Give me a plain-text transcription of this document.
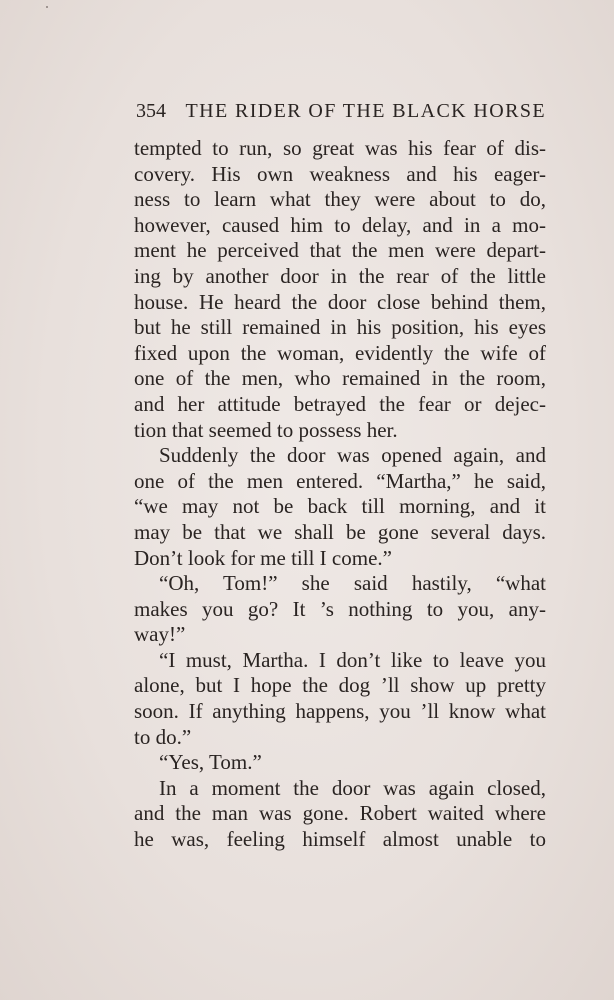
354 THE RIDER OF THE BLACK HORSE
tempted to run, so great was his fear of dis-
covery. His own weakness and his eager-
ness to learn what they were about to do,
however, caused him to delay, and in a mo-
ment he perceived that the men were depart-
ing by another door in the rear of the little
house. He heard the door close behind them,
but he still remained in his position, his eyes
fixed upon the woman, evidently the wife of
one of the men, who remained in the room,
and her attitude betrayed the fear or dejec-
tion that seemed to possess her.
Suddenly the door was opened again, and
one of the men entered. “Martha,” he said,
“we may not be back till morning, and it
may be that we shall be gone several days.
Don’t look for me till I come.”
“Oh, Tom!” she said hastily, “what
makes you go? It ’s nothing to you, any-
way!”
“I must, Martha. I don’t like to leave you
alone, but I hope the dog ’ll show up pretty
soon. If anything happens, you ’ll know what
to do.”
“Yes, Tom.”
In a moment the door was again closed,
and the man was gone. Robert waited where
he was, feeling himself almost unable to
